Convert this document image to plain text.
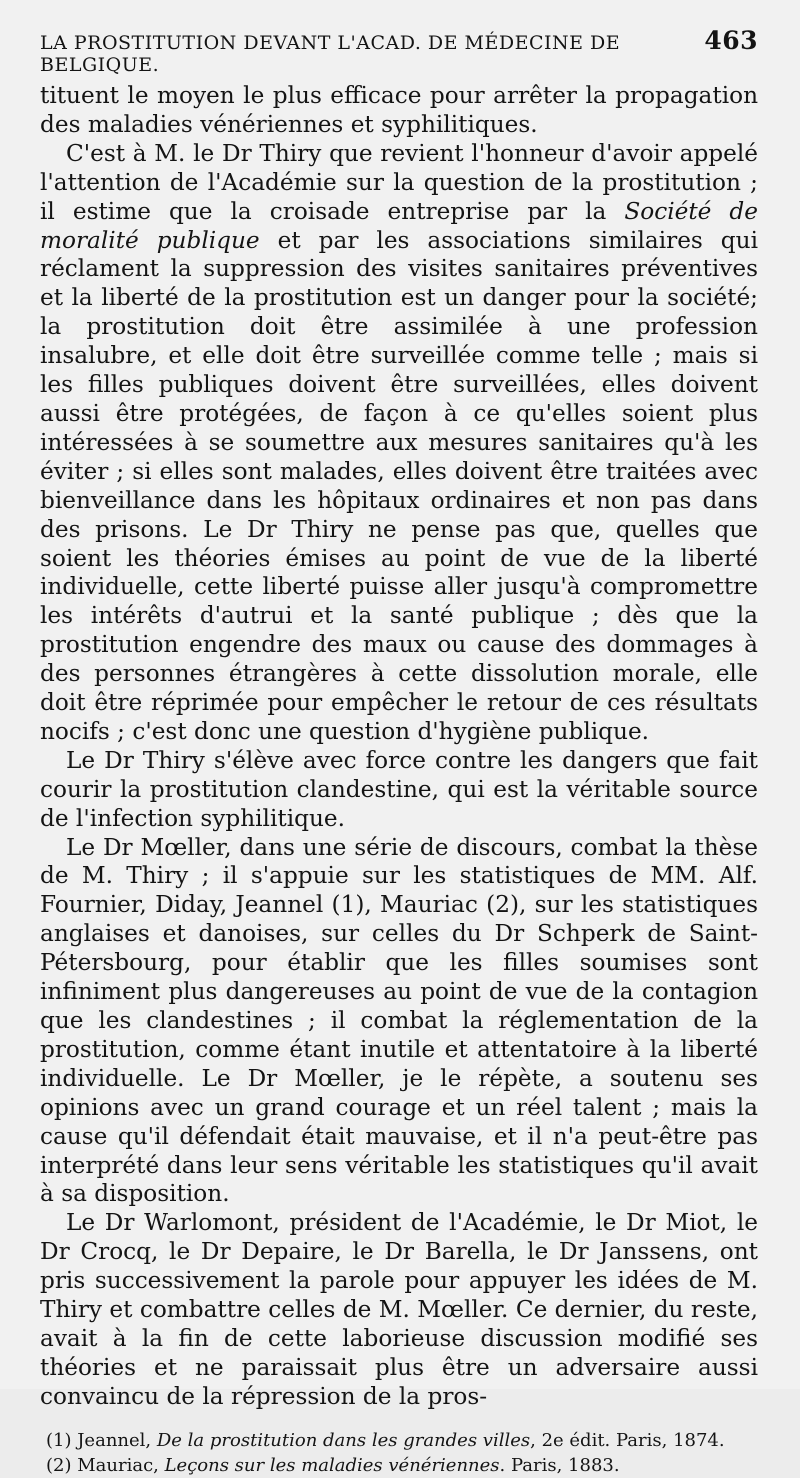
LA PROSTITUTION DEVANT L'ACAD. DE MÉDECINE DE BELGIQUE.
463

tituent le moyen le plus efficace pour arrêter la propagation des maladies vénériennes et syphilitiques.

C'est à M. le Dr Thiry que revient l'honneur d'avoir appelé l'attention de l'Académie sur la question de la prostitution ; il estime que la croisade entreprise par la Société de moralité publique et par les associations similaires qui réclament la suppression des visites sanitaires préventives et la liberté de la prostitution est un danger pour la société; la prostitution doit être assimilée à une profession insalubre, et elle doit être surveillée comme telle ; mais si les filles publiques doivent être surveillées, elles doivent aussi être protégées, de façon à ce qu'elles soient plus intéressées à se soumettre aux mesures sanitaires qu'à les éviter ; si elles sont malades, elles doivent être traitées avec bienveillance dans les hôpitaux ordinaires et non pas dans des prisons. Le Dr Thiry ne pense pas que, quelles que soient les théories émises au point de vue de la liberté individuelle, cette liberté puisse aller jusqu'à compromettre les intérêts d'autrui et la santé publique ; dès que la prostitution engendre des maux ou cause des dommages à des personnes étrangères à cette dissolution morale, elle doit être réprimée pour empêcher le retour de ces résultats nocifs ; c'est donc une question d'hygiène publique.

Le Dr Thiry s'élève avec force contre les dangers que fait courir la prostitution clandestine, qui est la véritable source de l'infection syphilitique.

Le Dr Mœller, dans une série de discours, combat la thèse de M. Thiry ; il s'appuie sur les statistiques de MM. Alf. Fournier, Diday, Jeannel (1), Mauriac (2), sur les statistiques anglaises et danoises, sur celles du Dr Schperk de Saint-Pétersbourg, pour établir que les filles soumises sont infiniment plus dangereuses au point de vue de la contagion que les clandestines ; il combat la réglementation de la prostitution, comme étant inutile et attentatoire à la liberté individuelle. Le Dr Mœller, je le répète, a soutenu ses opinions avec un grand courage et un réel talent ; mais la cause qu'il défendait était mauvaise, et il n'a peut-être pas interprété dans leur sens véritable les statistiques qu'il avait à sa disposition.

Le Dr Warlomont, président de l'Académie, le Dr Miot, le Dr Crocq, le Dr Depaire, le Dr Barella, le Dr Janssens, ont pris successivement la parole pour appuyer les idées de M. Thiry et combattre celles de M. Mœller. Ce dernier, du reste, avait à la fin de cette laborieuse discussion modifié ses théories et ne paraissait plus être un adversaire aussi convaincu de la répression de la pros-

(1) Jeannel, De la prostitution dans les grandes villes, 2e édit. Paris, 1874.

(2) Mauriac, Leçons sur les maladies vénériennes. Paris, 1883.
